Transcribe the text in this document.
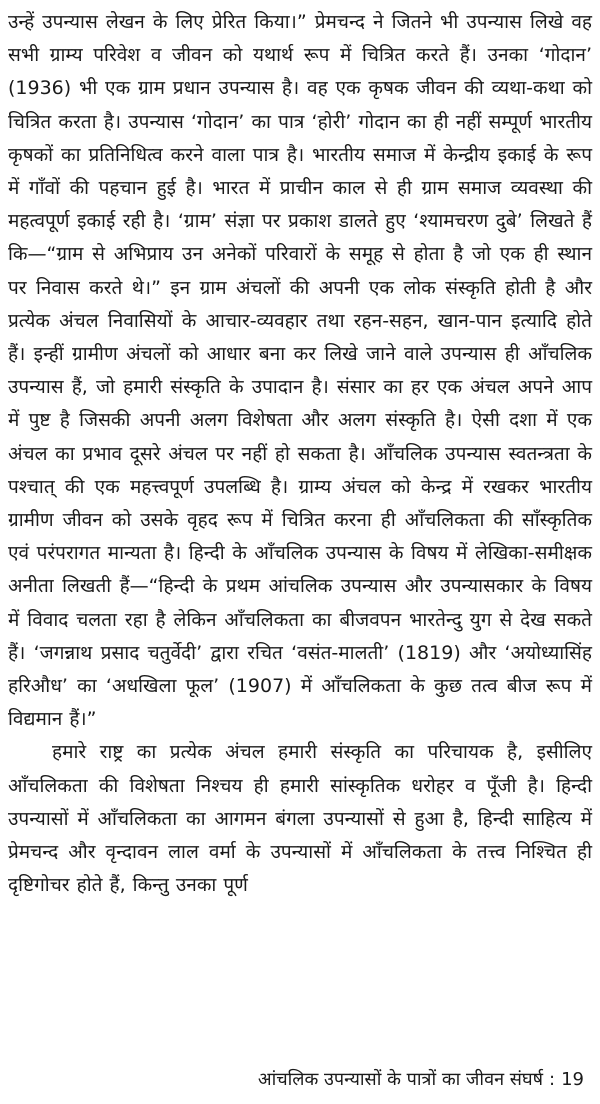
उन्हें उपन्यास लेखन के लिए प्रेरित किया।” प्रेमचन्द ने जितने भी उपन्यास लिखे वह सभी ग्राम्य परिवेश व जीवन को यथार्थ रूप में चित्रित करते हैं। उनका ‘गोदान’ (1936) भी एक ग्राम प्रधान उपन्यास है। वह एक कृषक जीवन की व्यथा-कथा को चित्रित करता है। उपन्यास ‘गोदान’ का पात्र ‘होरी’ गोदान का ही नहीं सम्पूर्ण भारतीय कृषकों का प्रतिनिधित्व करने वाला पात्र है। भारतीय समाज में केन्द्रीय इकाई के रूप में गाँवों की पहचान हुई है। भारत में प्राचीन काल से ही ग्राम समाज व्यवस्था की महत्वपूर्ण इकाई रही है। ‘ग्राम’ संज्ञा पर प्रकाश डालते हुए ‘श्यामचरण दुबे’ लिखते हैं कि—“ग्राम से अभिप्राय उन अनेकों परिवारों के समूह से होता है जो एक ही स्थान पर निवास करते थे।” इन ग्राम अंचलों की अपनी एक लोक संस्कृति होती है और प्रत्येक अंचल निवासियों के आचार-व्यवहार तथा रहन-सहन, खान-पान इत्यादि होते हैं। इन्हीं ग्रामीण अंचलों को आधार बना कर लिखे जाने वाले उपन्यास ही आँचलिक उपन्यास हैं, जो हमारी संस्कृति के उपादान है। संसार का हर एक अंचल अपने आप में पुष्ट है जिसकी अपनी अलग विशेषता और अलग संस्कृति है। ऐसी दशा में एक अंचल का प्रभाव दूसरे अंचल पर नहीं हो सकता है। आँचलिक उपन्यास स्वतन्त्रता के पश्चात् की एक महत्त्वपूर्ण उपलब्धि है। ग्राम्य अंचल को केन्द्र में रखकर भारतीय ग्रामीण जीवन को उसके वृहद रूप में चित्रित करना ही आँचलिकता की साँस्कृतिक एवं परंपरागत मान्यता है। हिन्दी के आँचलिक उपन्यास के विषय में लेखिका-समीक्षक अनीता लिखती हैं—“हिन्दी के प्रथम आंचलिक उपन्यास और उपन्यासकार के विषय में विवाद चलता रहा है लेकिन आँचलिकता का बीजवपन भारतेन्दु युग से देख सकते हैं। ‘जगन्नाथ प्रसाद चतुर्वेदी’ द्वारा रचित ‘वसंत-मालती’ (1819) और ‘अयोध्यासिंह हरिऔध’ का ‘अधखिला फूल’ (1907) में आँचलिकता के कुछ तत्व बीज रूप में विद्यमान हैं।”

हमारे राष्ट्र का प्रत्येक अंचल हमारी संस्कृति का परिचायक है, इसीलिए आँचलिकता की विशेषता निश्चय ही हमारी सांस्कृतिक धरोहर व पूँजी है। हिन्दी उपन्यासों में आँचलिकता का आगमन बंगला उपन्यासों से हुआ है, हिन्दी साहित्य में प्रेमचन्द और वृन्दावन लाल वर्मा के उपन्यासों में आँचलिकता के तत्त्व निश्चित ही दृष्टिगोचर होते हैं, किन्तु उनका पूर्ण

आंचलिक उपन्यासों के पात्रों का जीवन संघर्ष : 19
